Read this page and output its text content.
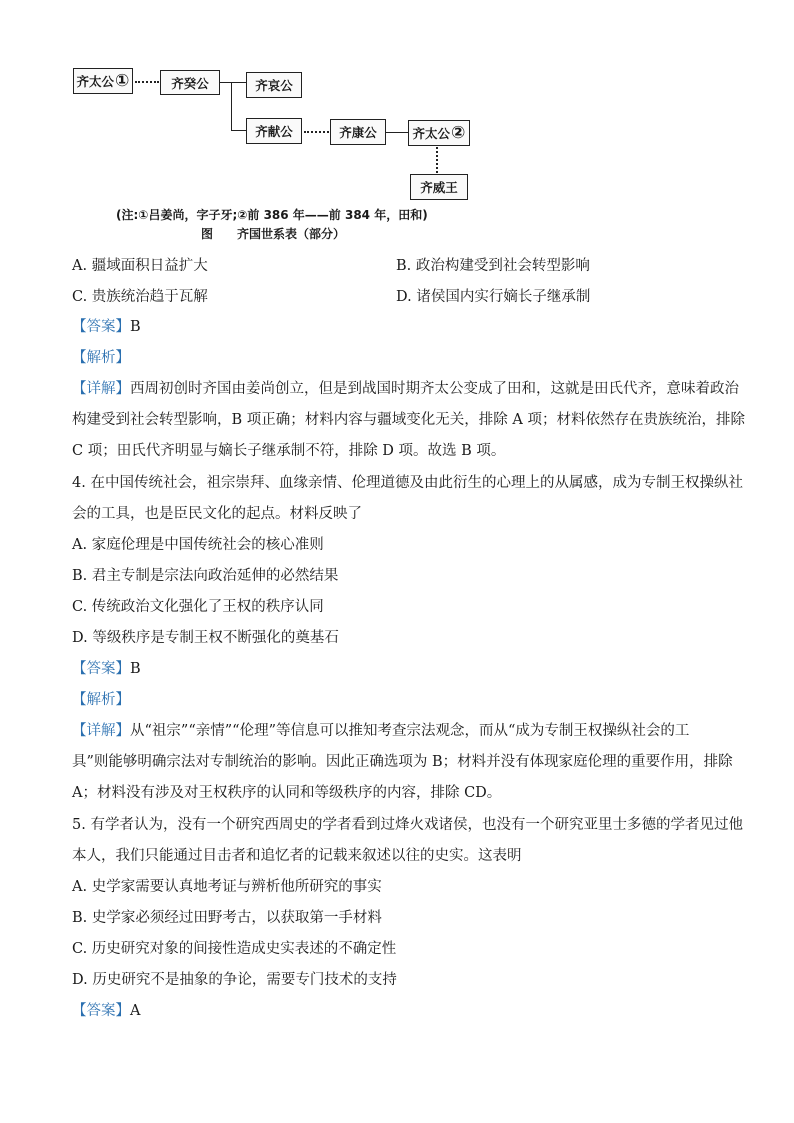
齐太公 ①	齐癸公	齐哀公
齐献公	齐康公	齐太公 ②
齐威王
(注:①吕姜尚，字子牙;②前 386 年——前 384 年，田和)
图　　齐国世系表（部分）
A. 疆域面积日益扩大	B. 政治构建受到社会转型影响
C. 贵族统治趋于瓦解	D. 诸侯国内实行嫡长子继承制
【答案】B
【解析】
【详解】西周初创时齐国由姜尚创立，但是到战国时期齐太公变成了田和，这就是田氏代齐，意味着政治
构建受到社会转型影响，B 项正确；材料内容与疆域变化无关，排除 A 项；材料依然存在贵族统治，排除
C 项；田氏代齐明显与嫡长子继承制不符，排除 D 项。故选 B 项。
4. 在中国传统社会，祖宗崇拜、血缘亲情、伦理道德及由此衍生的心理上的从属感，成为专制王权操纵社
会的工具，也是臣民文化的起点。材料反映了
A. 家庭伦理是中国传统社会的核心准则
B. 君主专制是宗法向政治延伸的必然结果
C. 传统政治文化强化了王权的秩序认同
D. 等级秩序是专制王权不断强化的奠基石
【答案】B
【解析】
【详解】从“祖宗”“亲情”“伦理”等信息可以推知考查宗法观念，而从“成为专制王权操纵社会的工
具”则能够明确宗法对专制统治的影响。因此正确选项为 B；材料并没有体现家庭伦理的重要作用，排除
A；材料没有涉及对王权秩序的认同和等级秩序的内容，排除 CD。
5. 有学者认为，没有一个研究西周史的学者看到过烽火戏诸侯，也没有一个研究亚里士多德的学者见过他
本人，我们只能通过目击者和追忆者的记载来叙述以往的史实。这表明
A. 史学家需要认真地考证与辨析他所研究的事实
B. 史学家必须经过田野考古，以获取第一手材料
C. 历史研究对象的间接性造成史实表述的不确定性
D. 历史研究不是抽象的争论，需要专门技术的支持
【答案】A
